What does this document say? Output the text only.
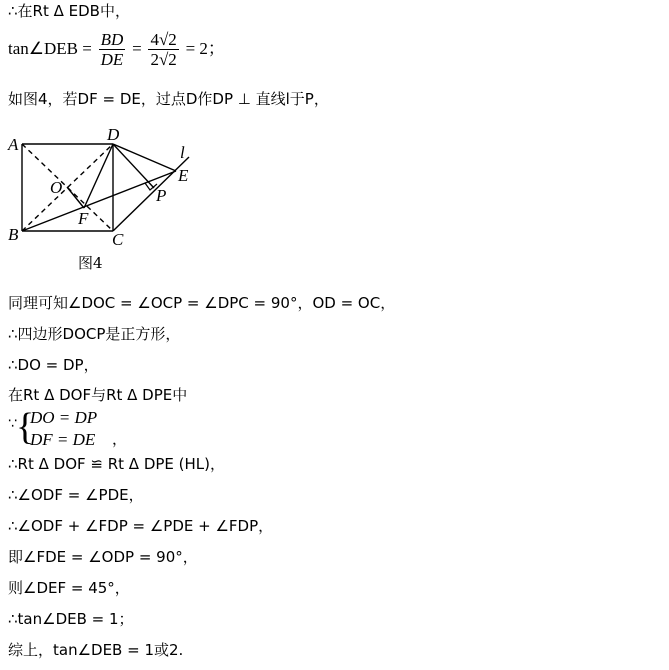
∴在Rt Δ EDB中，
tan∠DEB = $\frac{BD}{DE} = \frac{4√2}{2√2} = 2$；
如图4，若DF = DE，过点D作DP ⊥ 直线l于P，
A
D
B	C
E
F
O	P
l
图4
同理可知∠DOC = ∠OCP = ∠DPC = 90°，OD = OC，
∴四边形DOCP是正方形，
∴DO = DP，
在Rt Δ DOF与Rt Δ DPE中
∵ {
DO = DP
DF = DE ，
∴Rt Δ DOF ≌ Rt Δ DPE (HL)，
∴∠ODF = ∠PDE，
∴∠ODF + ∠FDP = ∠PDE + ∠FDP，
即∠FDE = ∠ODP = 90°，
则∠DEF = 45°，
∴tan∠DEB = 1；
综上，tan∠DEB = 1或2.
